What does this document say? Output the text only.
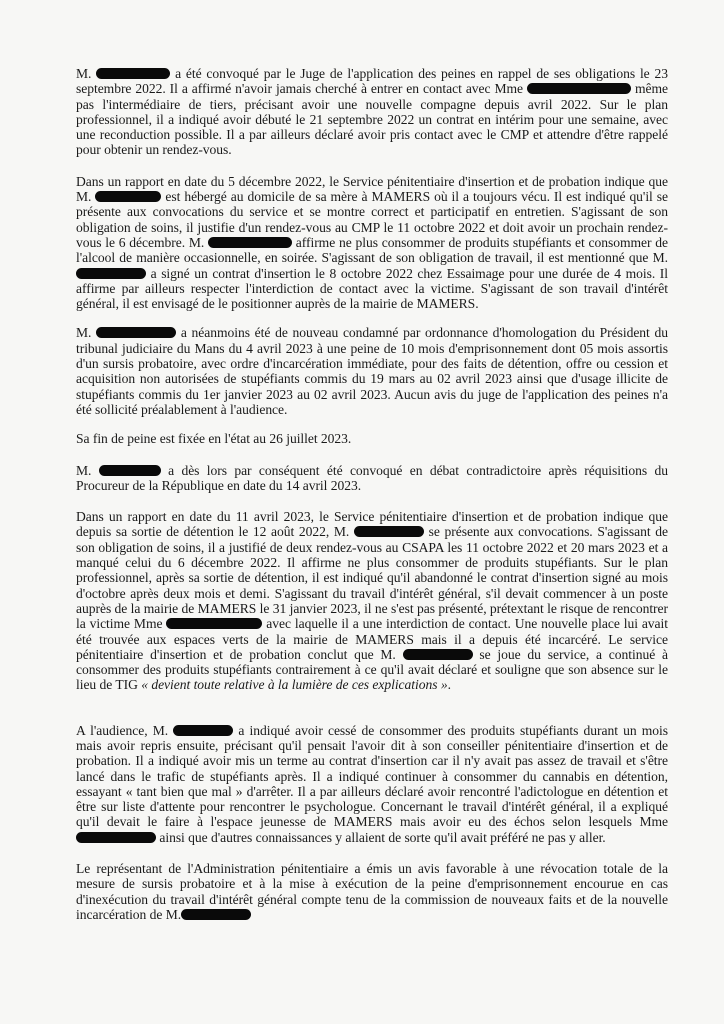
M.	a été convoqué par le Juge de l'application des peines en rappel de ses obligations le 23 septembre 2022. Il a affirmé n'avoir jamais cherché à entrer en contact avec Mme	même pas l'intermédiaire de tiers, précisant avoir une nouvelle compagne depuis avril 2022. Sur le plan professionnel, il a indiqué avoir débuté le 21 septembre 2022 un contrat en intérim pour une semaine, avec une reconduction possible. Il a par ailleurs déclaré avoir pris contact avec le CMP et attendre d'être rappelé pour obtenir un rendez-vous.

Dans un rapport en date du 5 décembre 2022, le Service pénitentiaire d'insertion et de probation indique que M.	est hébergé au domicile de sa mère à MAMERS où il a toujours vécu. Il est indiqué qu'il se présente aux convocations du service et se montre correct et participatif en entretien. S'agissant de son obligation de soins, il justifie d'un rendez-vous au CMP le 11 octobre 2022 et doit avoir un prochain rendez-vous le 6 décembre. M.	affirme ne plus consommer de produits stupéfiants et consommer de l'alcool de manière occasionnelle, en soirée. S'agissant de son obligation de travail, il est mentionné que M.  a signé un contrat d'insertion le 8 octobre 2022 chez Essaimage pour une durée de 4 mois. Il affirme par ailleurs respecter l'interdiction de contact avec la victime. S'agissant de son travail d'intérêt général, il est envisagé de le positionner auprès de la mairie de MAMERS.

M.	a néanmoins été de nouveau condamné par ordonnance d'homologation du Président du tribunal judiciaire du Mans du 4 avril 2023 à une peine de 10 mois d'emprisonnement dont 05 mois assortis d'un sursis probatoire, avec ordre d'incarcération immédiate, pour des faits de détention, offre ou cession et acquisition non autorisées de stupéfiants commis du 19 mars au 02 avril 2023 ainsi que d'usage illicite de stupéfiants commis du 1er janvier 2023 au 02 avril 2023. Aucun avis du juge de l'application des peines n'a été sollicité préalablement à l'audience.

Sa fin de peine est fixée en l'état au 26 juillet 2023.

M.	a dès lors par conséquent été convoqué en débat contradictoire après réquisitions du Procureur de la République en date du 14 avril 2023.

Dans un rapport en date du 11 avril 2023, le Service pénitentiaire d'insertion et de probation indique que depuis sa sortie de détention le 12 août 2022, M.	se présente aux convocations. S'agissant de son obligation de soins, il a justifié de deux rendez-vous au CSAPA les 11 octobre 2022 et 20 mars 2023 et a manqué celui du 6 décembre 2022. Il affirme ne plus consommer de produits stupéfiants. Sur le plan professionnel, après sa sortie de détention, il est indiqué qu'il abandonné le contrat d'insertion signé au mois d'octobre après deux mois et demi. S'agissant du travail d'intérêt général, s'il devait commencer à un poste auprès de la mairie de MAMERS le 31 janvier 2023, il ne s'est pas présenté, prétextant le risque de rencontrer la victime Mme	avec laquelle il a une interdiction de contact. Une nouvelle place lui avait été trouvée aux espaces verts de la mairie de MAMERS mais il a depuis été incarcéré. Le service pénitentiaire d'insertion et de probation conclut que M.	se joue du service, a continué à consommer des produits stupéfiants contrairement à ce qu'il avait déclaré et souligne que son absence sur le lieu de TIG « devient toute relative à la lumière de ces explications ».

A l'audience, M.	a indiqué avoir cessé de consommer des produits stupéfiants durant un mois mais avoir repris ensuite, précisant qu'il pensait l'avoir dit à son conseiller pénitentiaire d'insertion et de probation. Il a indiqué avoir mis un terme au contrat d'insertion car il n'y avait pas assez de travail et s'être lancé dans le trafic de stupéfiants après. Il a indiqué continuer à consommer du cannabis en détention, essayant « tant bien que mal » d'arrêter. Il a par ailleurs déclaré avoir rencontré l'adictologue en détention et être sur liste d'attente pour rencontrer le psychologue. Concernant le travail d'intérêt général, il a expliqué qu'il devait le faire à l'espace jeunesse de MAMERS mais avoir eu des échos selon lesquels Mme  ainsi que d'autres connaissances y allaient de sorte qu'il avait préféré ne pas y aller.

Le représentant de l'Administration pénitentiaire a émis un avis favorable à une révocation totale de la mesure de sursis probatoire et à la mise à exécution de la peine d'emprisonnement encourue en cas d'inexécution du travail d'intérêt général compte tenu de la commission de nouveaux faits et de la nouvelle incarcération de M.
